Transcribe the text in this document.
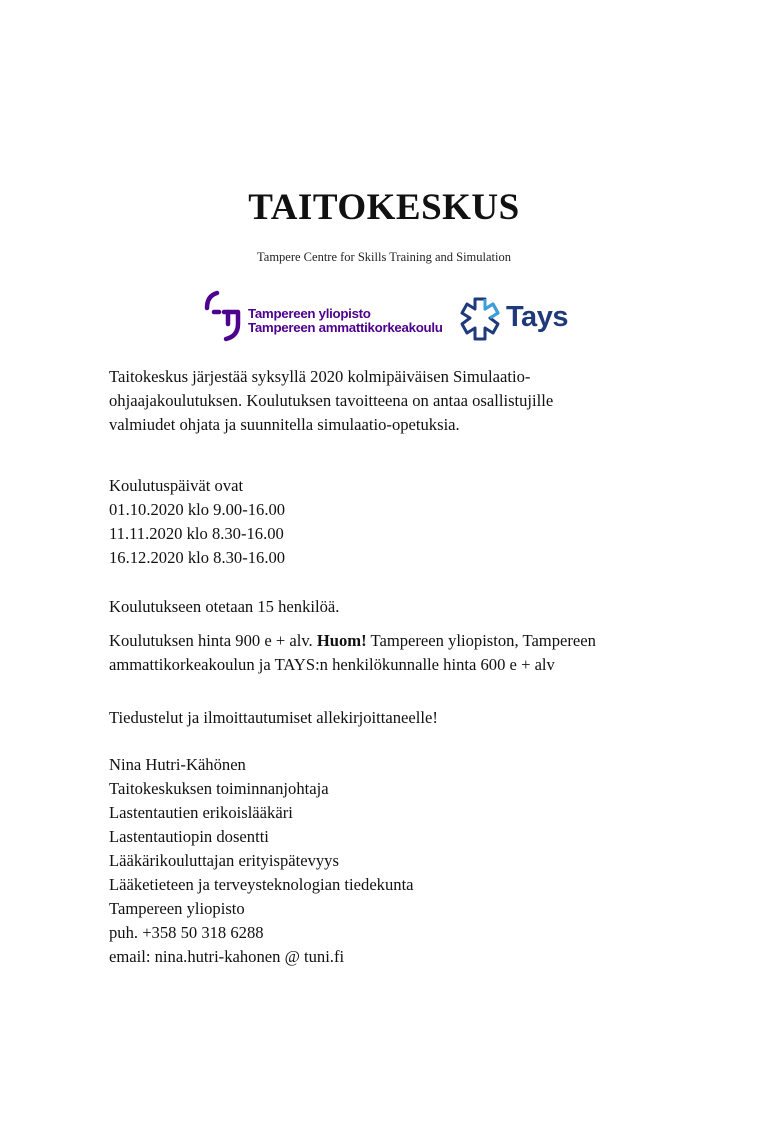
TAITOKESKUS
Tampere Centre for Skills Training and Simulation
Tampereen yliopisto
Tampereen ammattikorkeakoulu Tays

Taitokeskus järjestää syksyllä 2020 kolmipäiväisen Simulaatio-
ohjaajakoulutuksen. Koulutuksen tavoitteena on antaa osallistujille
valmiudet ohjata ja suunnitella simulaatio-opetuksia.

Koulutuspäivät ovat
01.10.2020 klo 9.00-16.00
11.11.2020 klo 8.30-16.00
16.12.2020 klo 8.30-16.00

Koulutukseen otetaan 15 henkilöä.

Koulutuksen hinta 900 e + alv. Huom! Tampereen yliopiston, Tampereen
ammattikorkeakoulun ja TAYS:n henkilökunnalle hinta 600 e + alv

Tiedustelut ja ilmoittautumiset allekirjoittaneelle!

Nina Hutri-Kähönen
Taitokeskuksen toiminnanjohtaja
Lastentautien erikoislääkäri
Lastentautiopin dosentti
Lääkärikouluttajan erityispätevyys
Lääketieteen ja terveysteknologian tiedekunta
Tampereen yliopisto
puh. +358 50 318 6288
email: nina.hutri-kahonen @ tuni.fi
